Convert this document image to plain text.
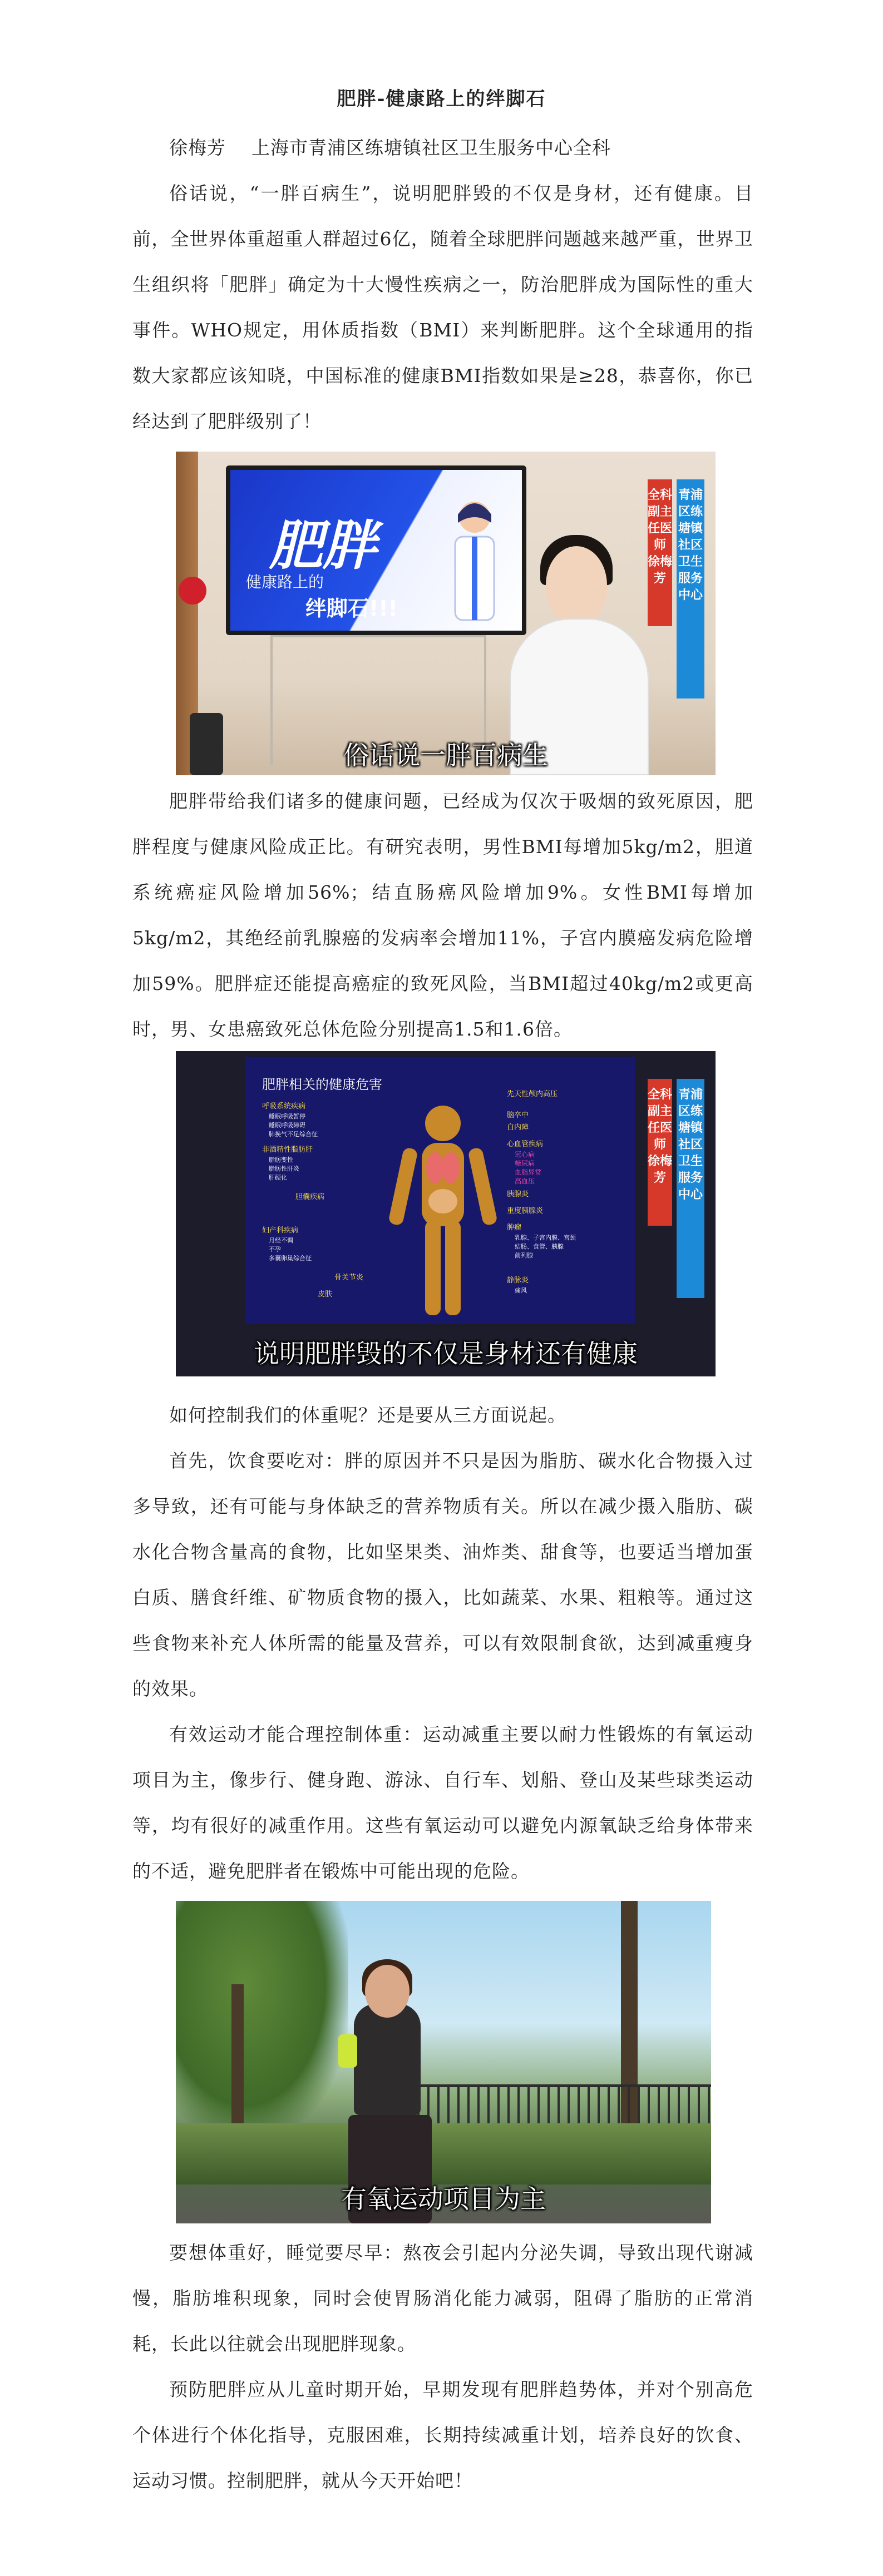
肥胖-健康路上的绊脚石

徐梅芳 上海市青浦区练塘镇社区卫生服务中心全科

俗话说，“一胖百病生”，说明肥胖毁的不仅是身材，还有健康。目前，全世界体重超重人群超过6亿，随着全球肥胖问题越来越严重，世界卫生组织将「肥胖」确定为十大慢性疾病之一，防治肥胖成为国际性的重大事件。WHO规定，用体质指数（BMI）来判断肥胖。这个全球通用的指数大家都应该知晓，中国标准的健康BMI指数如果是≥28，恭喜你，你已经达到了肥胖级别了！

肥胖
健康路上的
绊脚石!!!
全科副主任医师 徐梅芳
青浦区练塘镇社区卫生服务中心
俗话说一胖百病生

肥胖带给我们诸多的健康问题，已经成为仅次于吸烟的致死原因，肥胖程度与健康风险成正比。有研究表明，男性BMI每增加5kg/m2，胆道系统癌症风险增加56%；结直肠癌风险增加9%。女性BMI每增加5kg/m2，其绝经前乳腺癌的发病率会增加11%，子宫内膜癌发病危险增加59%。肥胖症还能提高癌症的致死风险，当BMI超过40kg/m2或更高时，男、女患癌致死总体危险分别提高1.5和1.6倍。

肥胖相关的健康危害
呼吸系统疾病
睡眠呼吸暂停
睡眠呼吸障碍
肺换气不足综合征
非酒精性脂肪肝
脂肪变性
脂肪性肝炎
肝硬化
胆囊疾病
妇产科疾病
月经不调
不孕
多囊卵巢综合征
骨关节炎
皮肤
先天性颅内高压
脑卒中
白内障
心血管疾病
冠心病
糖尿病
血脂异常
高血压
胰腺炎
重度胰腺炎
肿瘤
乳腺、子宫内膜、宫颈
结肠、食管、胰腺
前列腺
静脉炎
痛风
全科副主任医师 徐梅芳
青浦区练塘镇社区卫生服务中心
说明肥胖毁的不仅是身材还有健康

如何控制我们的体重呢？还是要从三方面说起。

首先，饮食要吃对：胖的原因并不只是因为脂肪、碳水化合物摄入过多导致，还有可能与身体缺乏的营养物质有关。所以在减少摄入脂肪、碳水化合物含量高的食物，比如坚果类、油炸类、甜食等，也要适当增加蛋白质、膳食纤维、矿物质食物的摄入，比如蔬菜、水果、粗粮等。通过这些食物来补充人体所需的能量及营养，可以有效限制食欲，达到减重瘦身的效果。

有效运动才能合理控制体重：运动减重主要以耐力性锻炼的有氧运动项目为主，像步行、健身跑、游泳、自行车、划船、登山及某些球类运动等，均有很好的减重作用。这些有氧运动可以避免内源氧缺乏给身体带来的不适，避免肥胖者在锻炼中可能出现的危险。

有氧运动项目为主

要想体重好，睡觉要尽早：熬夜会引起内分泌失调，导致出现代谢减慢，脂肪堆积现象，同时会使胃肠消化能力减弱，阻碍了脂肪的正常消耗，长此以往就会出现肥胖现象。

预防肥胖应从儿童时期开始，早期发现有肥胖趋势体，并对个别高危个体进行个体化指导，克服困难，长期持续减重计划，培养良好的饮食、运动习惯。控制肥胖，就从今天开始吧！
